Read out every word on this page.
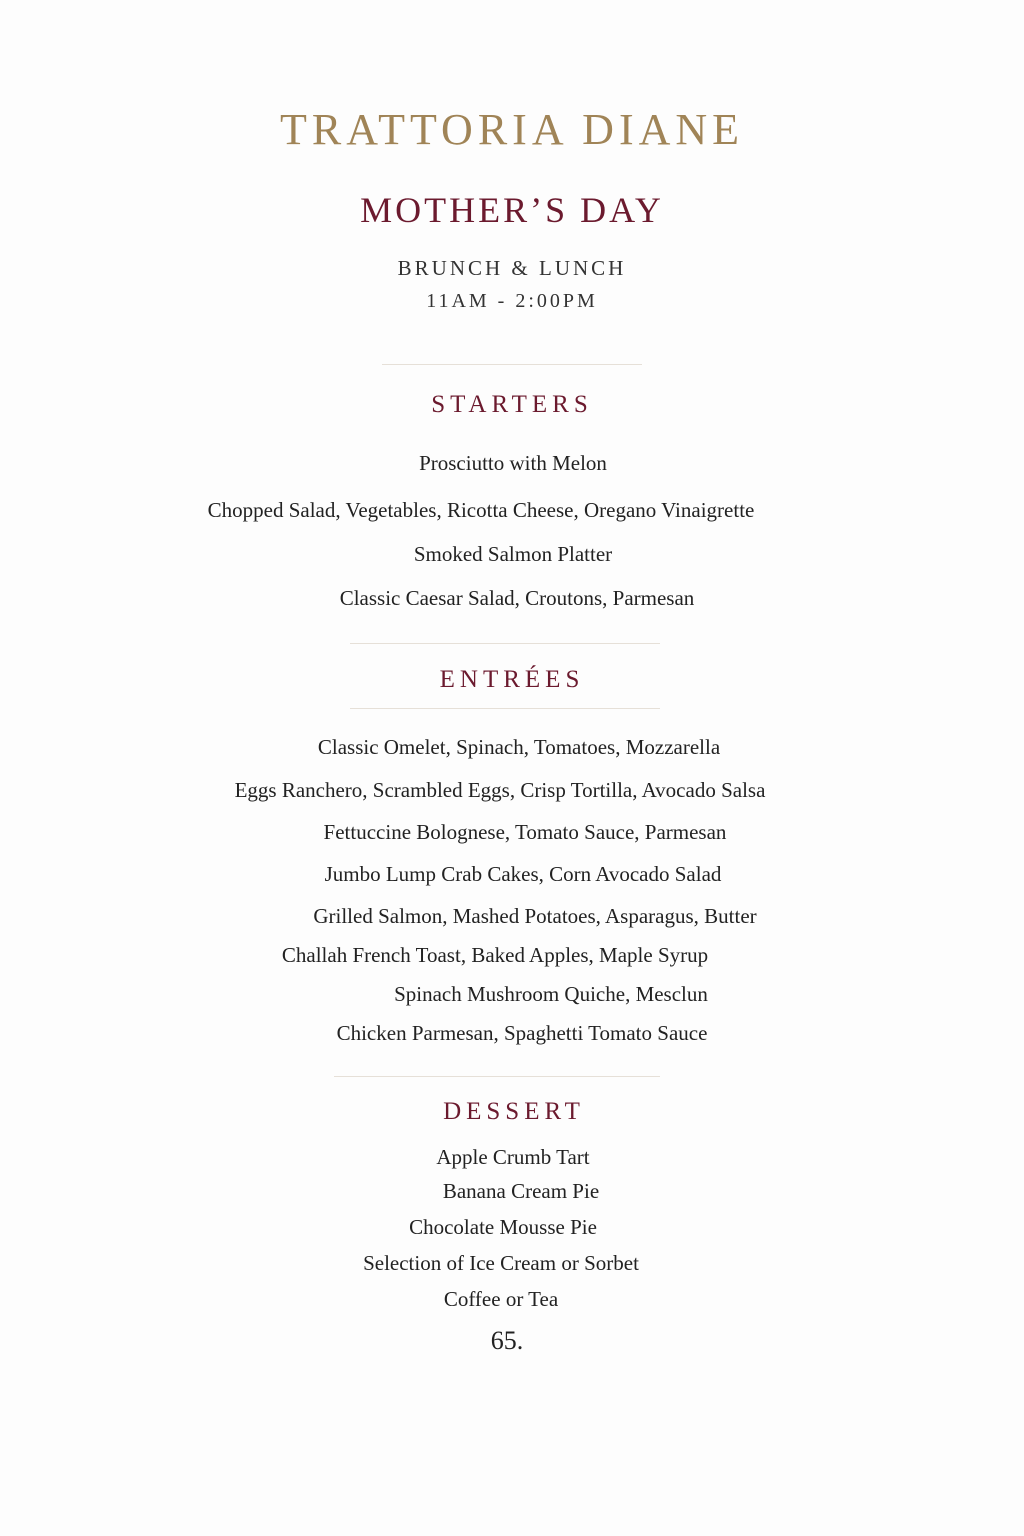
TRATTORIA DIANE
MOTHER’S DAY
BRUNCH & LUNCH
11AM - 2:00PM
STARTERS
Prosciutto with Melon
Chopped Salad, Vegetables, Ricotta Cheese, Oregano Vinaigrette
Smoked Salmon Platter
Classic Caesar Salad, Croutons, Parmesan
ENTRÉES
Classic Omelet, Spinach, Tomatoes, Mozzarella
Eggs Ranchero, Scrambled Eggs, Crisp Tortilla, Avocado Salsa
Fettuccine Bolognese, Tomato Sauce, Parmesan
Jumbo Lump Crab Cakes, Corn Avocado Salad
Grilled Salmon, Mashed Potatoes, Asparagus, Butter
Challah French Toast, Baked Apples, Maple Syrup
Spinach Mushroom Quiche, Mesclun
Chicken Parmesan, Spaghetti Tomato Sauce
DESSERT
Apple Crumb Tart
Banana Cream Pie
Chocolate Mousse Pie
Selection of Ice Cream or Sorbet
Coffee or Tea
65.
